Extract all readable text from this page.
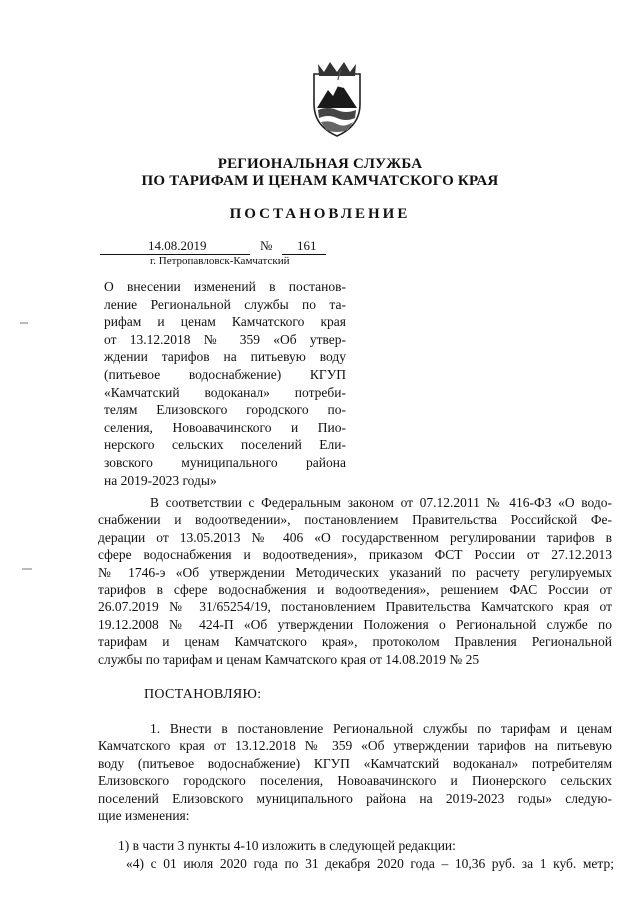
РЕГИОНАЛЬНАЯ СЛУЖБА
ПО ТАРИФАМ И ЦЕНАМ КАМЧАТСКОГО КРАЯ
ПОСТАНОВЛЕНИЕ
14.08.2019	№ 161
г. Петропавловск-Камчатский
О внесении изменений в постанов-
ление Региональной службы по та-
рифам и ценам Камчатского края
от 13.12.2018 № 359 «Об утвер-
ждении тарифов на питьевую воду
(питьевое водоснабжение) КГУП
«Камчатский водоканал» потреби-
телям Елизовского городского по-
селения, Новоавачинского и Пио-
нерского сельских поселений Ели-
зовского муниципального района
на 2019-2023 годы»
В соответствии с Федеральным законом от 07.12.2011 № 416-ФЗ «О водо-
снабжении и водоотведении», постановлением Правительства Российской Фе-
дерации от 13.05.2013 № 406 «О государственном регулировании тарифов в
сфере водоснабжения и водоотведения», приказом ФСТ России от 27.12.2013
№ 1746-э «Об утверждении Методических указаний по расчету регулируемых
тарифов в сфере водоснабжения и водоотведения», решением ФАС России от
26.07.2019 № 31/65254/19, постановлением Правительства Камчатского края от
19.12.2008 № 424-П «Об утверждении Положения о Региональной службе по
тарифам и ценам Камчатского края», протоколом Правления Региональной
службы по тарифам и ценам Камчатского края от 14.08.2019 № 25
ПОСТАНОВЛЯЮ:
1. Внести в постановление Региональной службы по тарифам и ценам
Камчатского края от 13.12.2018 № 359 «Об утверждении тарифов на питьевую
воду (питьевое водоснабжение) КГУП «Камчатский водоканал» потребителям
Елизовского городского поселения, Новоавачинского и Пионерского сельских
поселений Елизовского муниципального района на 2019-2023 годы» следую-
щие изменения:
1) в части 3 пункты 4-10 изложить в следующей редакции:
«4) с 01 июля 2020 года по 31 декабря 2020 года – 10,36 руб. за 1 куб. метр;
